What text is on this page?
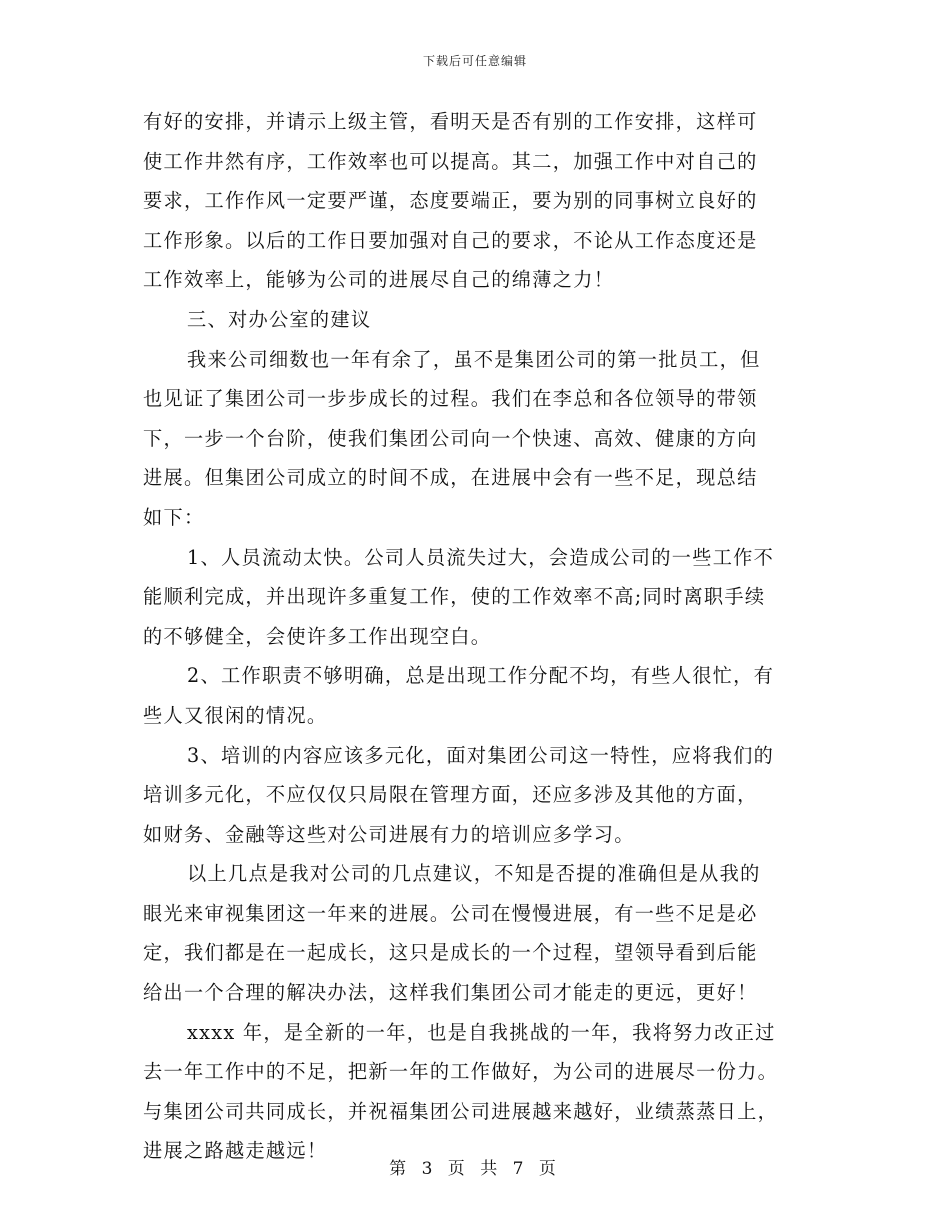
下载后可任意编辑
有好的安排，并请示上级主管，看明天是否有别的工作安排，这样可
使工作井然有序，工作效率也可以提高。其二，加强工作中对自己的
要求，工作作风一定要严谨，态度要端正，要为别的同事树立良好的
工作形象。以后的工作日要加强对自己的要求，不论从工作态度还是
工作效率上，能够为公司的进展尽自己的绵薄之力！
三、对办公室的建议
我来公司细数也一年有余了，虽不是集团公司的第一批员工，但
也见证了集团公司一步步成长的过程。我们在李总和各位领导的带领
下，一步一个台阶，使我们集团公司向一个快速、高效、健康的方向
进展。但集团公司成立的时间不成，在进展中会有一些不足，现总结
如下：
1、人员流动太快。公司人员流失过大，会造成公司的一些工作不
能顺利完成，并出现许多重复工作，使的工作效率不高;同时离职手续
的不够健全，会使许多工作出现空白。
2、工作职责不够明确，总是出现工作分配不均，有些人很忙，有
些人又很闲的情况。
3、培训的内容应该多元化，面对集团公司这一特性，应将我们的
培训多元化，不应仅仅只局限在管理方面，还应多涉及其他的方面，
如财务、金融等这些对公司进展有力的培训应多学习。
以上几点是我对公司的几点建议，不知是否提的准确但是从我的
眼光来审视集团这一年来的进展。公司在慢慢进展，有一些不足是必
定，我们都是在一起成长，这只是成长的一个过程，望领导看到后能
给出一个合理的解决办法，这样我们集团公司才能走的更远，更好！
xxxx 年，是全新的一年，也是自我挑战的一年，我将努力改正过
去一年工作中的不足，把新一年的工作做好，为公司的进展尽一份力。
与集团公司共同成长，并祝福集团公司进展越来越好，业绩蒸蒸日上，
进展之路越走越远！
第 3 页 共 7 页
